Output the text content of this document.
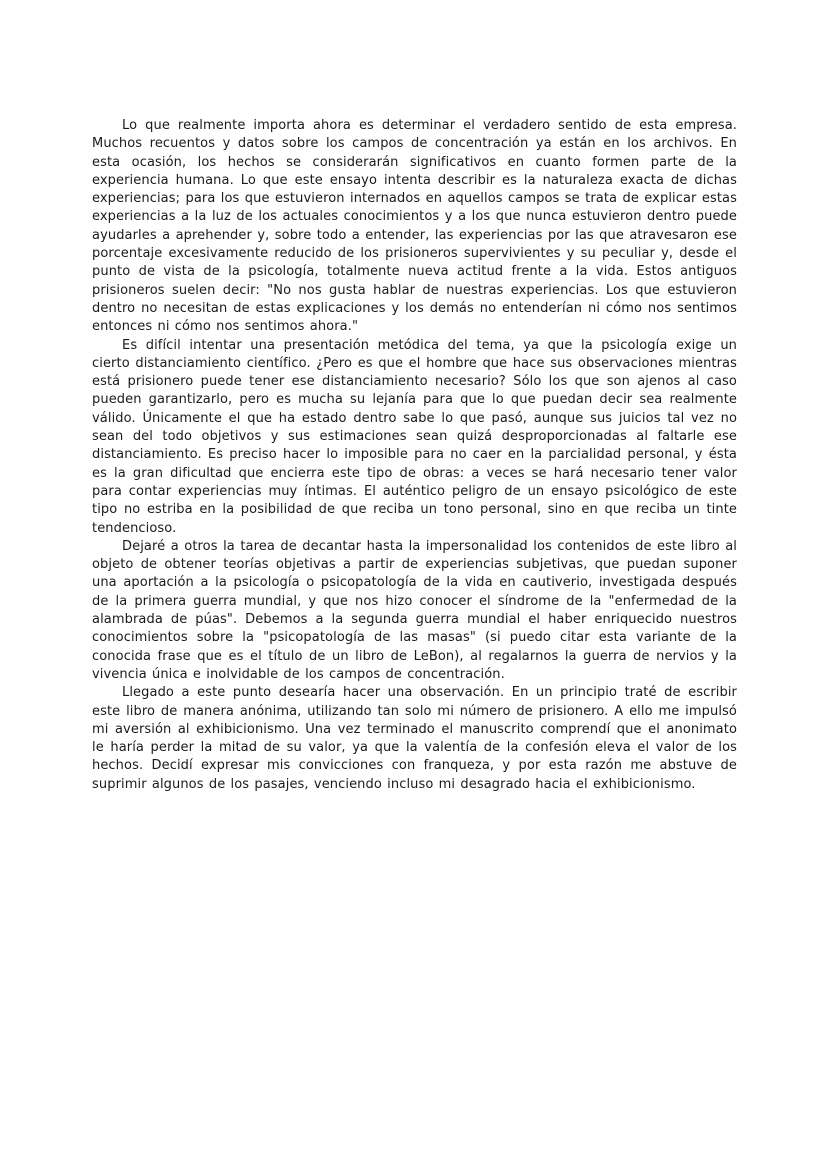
Lo que realmente importa ahora es determinar el verdadero sentido de esta empresa. Muchos recuentos y datos sobre los campos de concentración ya están en los archivos. En esta ocasión, los hechos se considerarán significativos en cuanto formen parte de la experiencia humana. Lo que este ensayo intenta describir es la naturaleza exacta de dichas experiencias; para los que estuvieron internados en aquellos campos se trata de explicar estas experiencias a la luz de los actuales conocimientos y a los que nunca estuvieron dentro puede ayudarles a aprehender y, sobre todo a entender, las experiencias por las que atravesaron ese porcentaje excesivamente reducido de los prisioneros supervivientes y su peculiar y, desde el punto de vista de la psicología, totalmente nueva actitud frente a la vida. Estos antiguos prisioneros suelen decir: "No nos gusta hablar de nuestras experiencias. Los que estuvieron dentro no necesitan de estas explicaciones y los demás no entenderían ni cómo nos sentimos entonces ni cómo nos sentimos ahora."

Es difícil intentar una presentación metódica del tema, ya que la psicología exige un cierto distanciamiento científico. ¿Pero es que el hombre que hace sus observaciones mientras está prisionero puede tener ese distanciamiento necesario? Sólo los que son ajenos al caso pueden garantizarlo, pero es mucha su lejanía para que lo que puedan decir sea realmente válido. Únicamente el que ha estado dentro sabe lo que pasó, aunque sus juicios tal vez no sean del todo objetivos y sus estimaciones sean quizá desproporcionadas al faltarle ese distanciamiento. Es preciso hacer lo imposible para no caer en la parcialidad personal, y ésta es la gran dificultad que encierra este tipo de obras: a veces se hará necesario tener valor para contar experiencias muy íntimas. El auténtico peligro de un ensayo psicológico de este tipo no estriba en la posibilidad de que reciba un tono personal, sino en que reciba un tinte tendencioso.

Dejaré a otros la tarea de decantar hasta la impersonalidad los contenidos de este libro al objeto de obtener teorías objetivas a partir de experiencias subjetivas, que puedan suponer una aportación a la psicología o psicopatología de la vida en cautiverio, investigada después de la primera guerra mundial, y que nos hizo conocer el síndrome de la "enfermedad de la alambrada de púas". Debemos a la segunda guerra mundial el haber enriquecido nuestros conocimientos sobre la "psicopatología de las masas" (si puedo citar esta variante de la conocida frase que es el título de un libro de LeBon), al regalarnos la guerra de nervios y la vivencia única e inolvidable de los campos de concentración.

Llegado a este punto desearía hacer una observación. En un principio traté de escribir este libro de manera anónima, utilizando tan solo mi número de prisionero. A ello me impulsó mi aversión al exhibicionismo. Una vez terminado el manuscrito comprendí que el anonimato le haría perder la mitad de su valor, ya que la valentía de la confesión eleva el valor de los hechos. Decidí expresar mis convicciones con franqueza, y por esta razón me abstuve de suprimir algunos de los pasajes, venciendo incluso mi desagrado hacia el exhibicionismo.
